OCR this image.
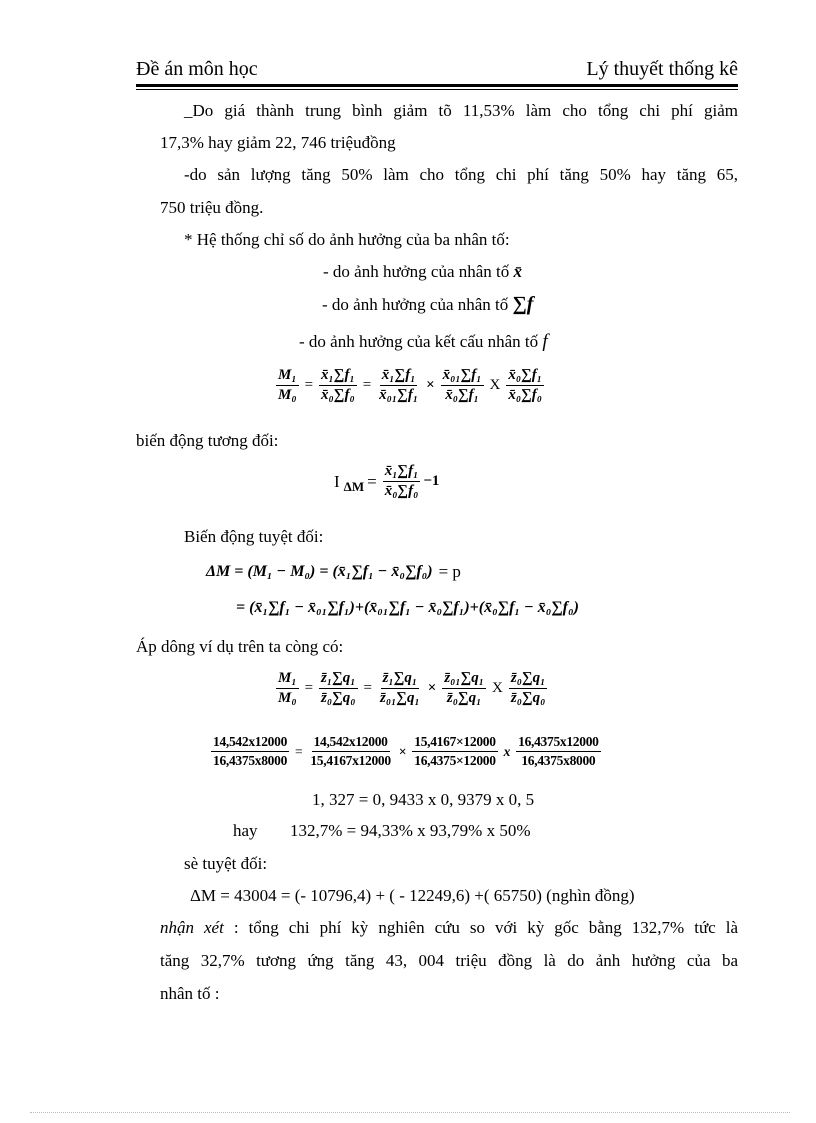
Đề án môn học	Lý thuyết thống kê
_Do giá thành trung bình giảm tõ 11,53% làm cho tổng chi phí giảm
17,3% hay giảm 22, 746 triệuđồng
-do sản lượng tăng 50% làm cho tổng chi phí tăng 50% hay tăng 65,
750 triệu đồng.
* Hệ thống chỉ số do ảnh hưởng của ba nhân tố:
- do ảnh hưởng của nhân tố x̄
- do ảnh hưởng của nhân tố ∑f
- do ảnh hưởng của kết cấu nhân tố f
$\frac{\text{M₁}}{\text{M₀}} = \frac{\text{x̄₁∑f₁}}{\text{x̄₀∑f₀}} = \frac{\text{x̄₁∑f₁}}{\text{x̄₀₁∑f₁}} \times \frac{\text{x̄₀₁∑f₁}}{\text{x̄₀∑f₁}}$ X
x̄₀∑f₁
x̄₀∑f₀
biến động tương đối:
I $\Delta M = \frac{\text{x̄₁∑f₁}}{\text{x̄₀∑f₀}} -1$
Biến động tuyệt đối:
ΔM = (M₁ − M₀) = (x̄₁∑f₁ − x̄₀∑f₀) = p
= (x̄₁∑f₁ − x̄₀₁∑f₁)+(x̄₀₁∑f₁ − x̄₀∑f₁)+(x̄₀∑f₁ − x̄₀∑f₀)
Áp dông ví dụ trên ta còng có:
$\frac{\text{M₁}}{\text{M₀}} = \frac{\text{z̄₁∑q₁}}{\text{z̄₀∑q₀}} = \frac{\text{z̄₁∑q₁}}{\text{z̄₀₁∑q₁}} \times \frac{\text{z̄₀₁∑q₁}}{\text{z̄₀∑q₁}}$ X
z̄₀∑q₁
z̄₀∑q₀
$\frac{14,542x12000}{16,4375x8000} = \frac{14,542x12000}{15,4167x12000} \times \frac{15,4167\times 12000}{16,4375\times 12000}$ x
16,4375x12000
16,4375x8000
1, 327 = 0, 9433 x 0, 9379 x 0, 5
hay 132,7% = 94,33% x 93,79% x 50%
sè tuyệt đối:
ΔM = 43004 = (- 10796,4) + ( - 12249,6) +( 65750) (nghìn đồng)
nhận xét : tổng chi phí kỳ nghiên cứu so với kỳ gốc bằng 132,7% tức là
tăng 32,7% tương ứng tăng 43, 004 triệu đồng là do ảnh hưởng của ba
nhân tố :
